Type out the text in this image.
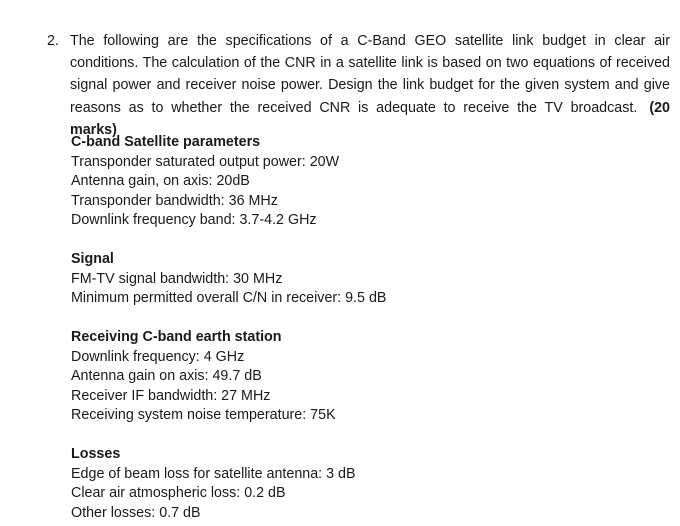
2. The following are the specifications of a C-Band GEO satellite link budget in clear air conditions. The calculation of the CNR in a satellite link is based on two equations of received signal power and receiver noise power. Design the link budget for the given system and give reasons as to whether the received CNR is adequate to receive the TV broadcast. (20 marks)
C-band Satellite parameters
Transponder saturated output power: 20W
Antenna gain, on axis: 20dB
Transponder bandwidth: 36 MHz
Downlink frequency band: 3.7-4.2 GHz
Signal
FM-TV signal bandwidth: 30 MHz
Minimum permitted overall C/N in receiver: 9.5 dB
Receiving C-band earth station
Downlink frequency: 4 GHz
Antenna gain on axis: 49.7 dB
Receiver IF bandwidth: 27 MHz
Receiving system noise temperature: 75K
Losses
Edge of beam loss for satellite antenna: 3 dB
Clear air atmospheric loss: 0.2 dB
Other losses: 0.7 dB
